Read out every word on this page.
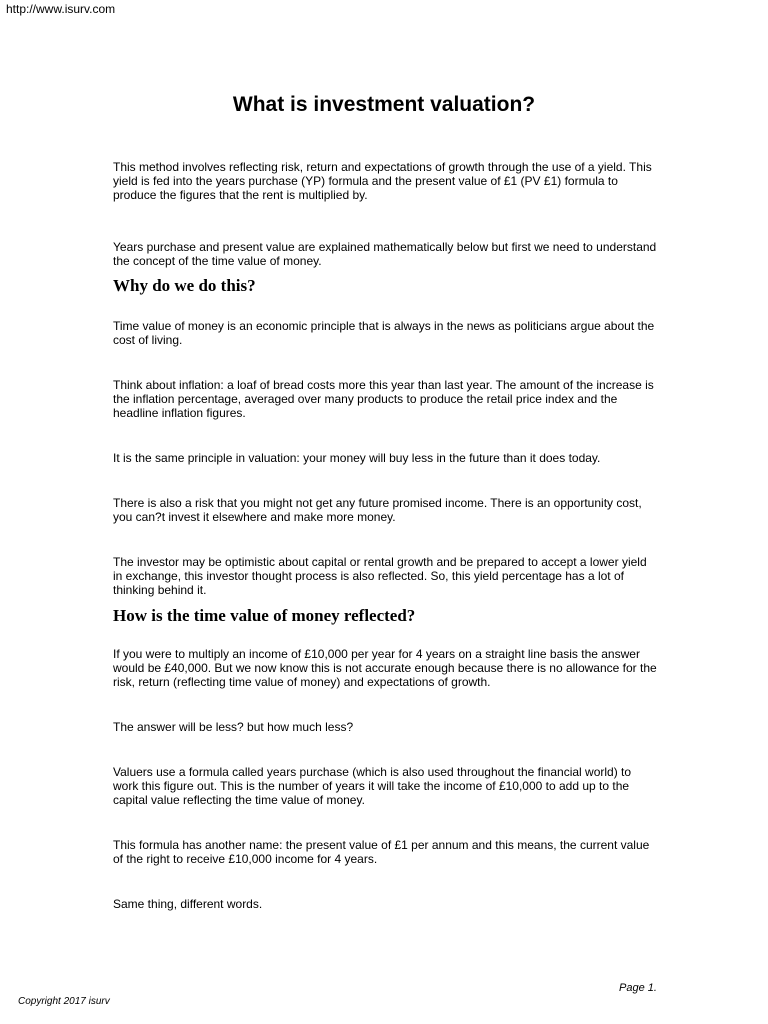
http://www.isurv.com
What is investment valuation?

This method involves reflecting risk, return and expectations of growth through the use of a yield. This yield is fed into the years purchase (YP) formula and the present value of £1 (PV £1) formula to produce the figures that the rent is multiplied by.

Years purchase and present value are explained mathematically below but first we need to understand the concept of the time value of money.

Why do we do this?

Time value of money is an economic principle that is always in the news as politicians argue about the cost of living.

Think about inflation: a loaf of bread costs more this year than last year. The amount of the increase is the inflation percentage, averaged over many products to produce the retail price index and the headline inflation figures.

It is the same principle in valuation: your money will buy less in the future than it does today.

There is also a risk that you might not get any future promised income. There is an opportunity cost, you can?t invest it elsewhere and make more money.

The investor may be optimistic about capital or rental growth and be prepared to accept a lower yield in exchange, this investor thought process is also reflected. So, this yield percentage has a lot of thinking behind it.

How is the time value of money reflected?

If you were to multiply an income of £10,000 per year for 4 years on a straight line basis the answer would be £40,000. But we now know this is not accurate enough because there is no allowance for the risk, return (reflecting time value of money) and expectations of growth.

The answer will be less? but how much less?

Valuers use a formula called years purchase (which is also used throughout the financial world) to work this figure out. This is the number of years it will take the income of £10,000 to add up to the capital value reflecting the time value of money.

This formula has another name: the present value of £1 per annum and this means, the current value of the right to receive £10,000 income for 4 years.

Same thing, different words.

Page 1.
Copyright 2017 isurv
